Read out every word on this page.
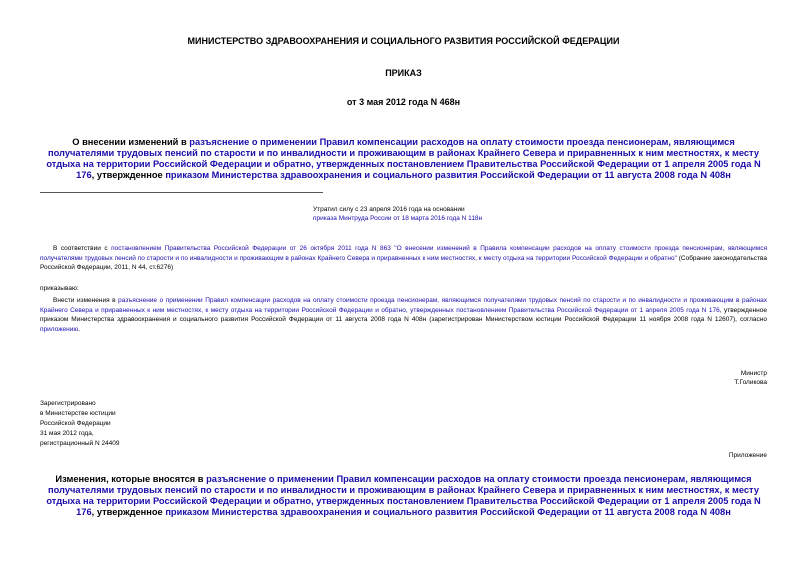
МИНИСТЕРСТВО ЗДРАВООХРАНЕНИЯ И СОЦИАЛЬНОГО РАЗВИТИЯ РОССИЙСКОЙ ФЕДЕРАЦИИ
ПРИКАЗ
от 3 мая 2012 года N 468н
О внесении изменений в разъяснение о применении Правил компенсации расходов на оплату стоимости проезда пенсионерам, являющимся получателями трудовых пенсий по старости и по инвалидности и проживающим в районах Крайнего Севера и приравненных к ним местностях, к месту отдыха на территории Российской Федерации и обратно, утвержденных постановлением Правительства Российской Федерации от 1 апреля 2005 года N 176, утвержденное приказом Министерства здравоохранения и социального развития Российской Федерации от 11 августа 2008 года N 408н
Утратил силу с 23 апреля 2016 года на основании
приказа Минтруда России от 18 марта 2016 года N 118н
В соответствии с постановлением Правительства Российской Федерации от 26 октября 2011 года N 863 "О внесении изменений в Правила компенсации расходов на оплату стоимости проезда пенсионерам, являющимся получателями трудовых пенсий по старости и по инвалидности и проживающим в районах Крайнего Севера и приравненных к ним местностях, к месту отдыха на территории Российской Федерации и обратно" (Собрание законодательства Российской Федерации, 2011, N 44, ст.6276)
приказываю:
Внести изменения в разъяснение о применении Правил компенсации расходов на оплату стоимости проезда пенсионерам, являющимся получателями трудовых пенсий по старости и по инвалидности и проживающим в районах Крайнего Севера и приравненных к ним местностях, к месту отдыха на территории Российской Федерации и обратно, утвержденных постановлением Правительства Российской Федерации от 1 апреля 2005 года N 176, утвержденное приказом Министерства здравоохранения и социального развития Российской Федерации от 11 августа 2008 года N 408н (зарегистрирован Министерством юстиции Российской Федерации 11 ноября 2008 года N 12607), согласно приложению.
Министр
Т.Голикова
Зарегистрировано
в Министерстве юстиции
Российской Федерации
31 мая 2012 года,
регистрационный N 24409
Приложение
Изменения, которые вносятся в разъяснение о применении Правил компенсации расходов на оплату стоимости проезда пенсионерам, являющимся получателями трудовых пенсий по старости и по инвалидности и проживающим в районах Крайнего Севера и приравненных к ним местностях, к месту отдыха на территории Российской Федерации и обратно, утвержденных постановлением Правительства Российской Федерации от 1 апреля 2005 года N 176, утвержденное приказом Министерства здравоохранения и социального развития Российской Федерации от 11 августа 2008 года N 408н
